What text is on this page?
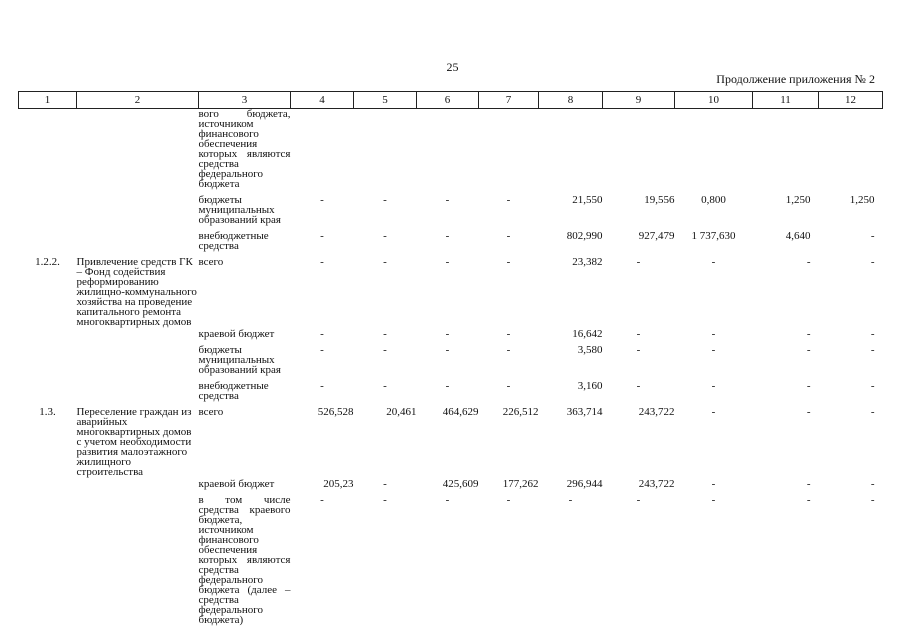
25
Продолжение приложения № 2
1	2	3	4	5	6	7	8	9	10	11	12
		вого бюджета, источником финансового обеспечения которых являются средства федерального бюджета									
		бюджеты муниципальных образований края	-	-	-	-	21,550	19,556	0,800	1,250	1,250
		внебюджетные средства	-	-	-	-	802,990	927,479	1 737,630	4,640	-
1.2.2.	Привлечение средств ГК – Фонд содействия реформированию жилищно-коммунального хозяйства на проведение капитального ремонта многоквартирных домов	всего	-	-	-	-	23,382	-	-	-	-
		краевой бюджет	-	-	-	-	16,642	-	-	-	-
		бюджеты муниципальных образований края	-	-	-	-	3,580	-	-	-	-
		внебюджетные средства	-	-	-	-	3,160	-	-	-	-
1.3.	Переселение граждан из аварийных многоквартирных домов с учетом необходимости развития малоэтажного жилищного строительства	всего	526,528	20,461	464,629	226,512	363,714	243,722	-	-	-
		краевой бюджет	205,23	-	425,609	177,262	296,944	243,722	-	-	-
		в том числе средства краевого бюджета, источником финансового обеспечения которых являются средства федерального бюджета (далее – средства федерального бюджета)	-	-	-	-	-	-	-	-	-
